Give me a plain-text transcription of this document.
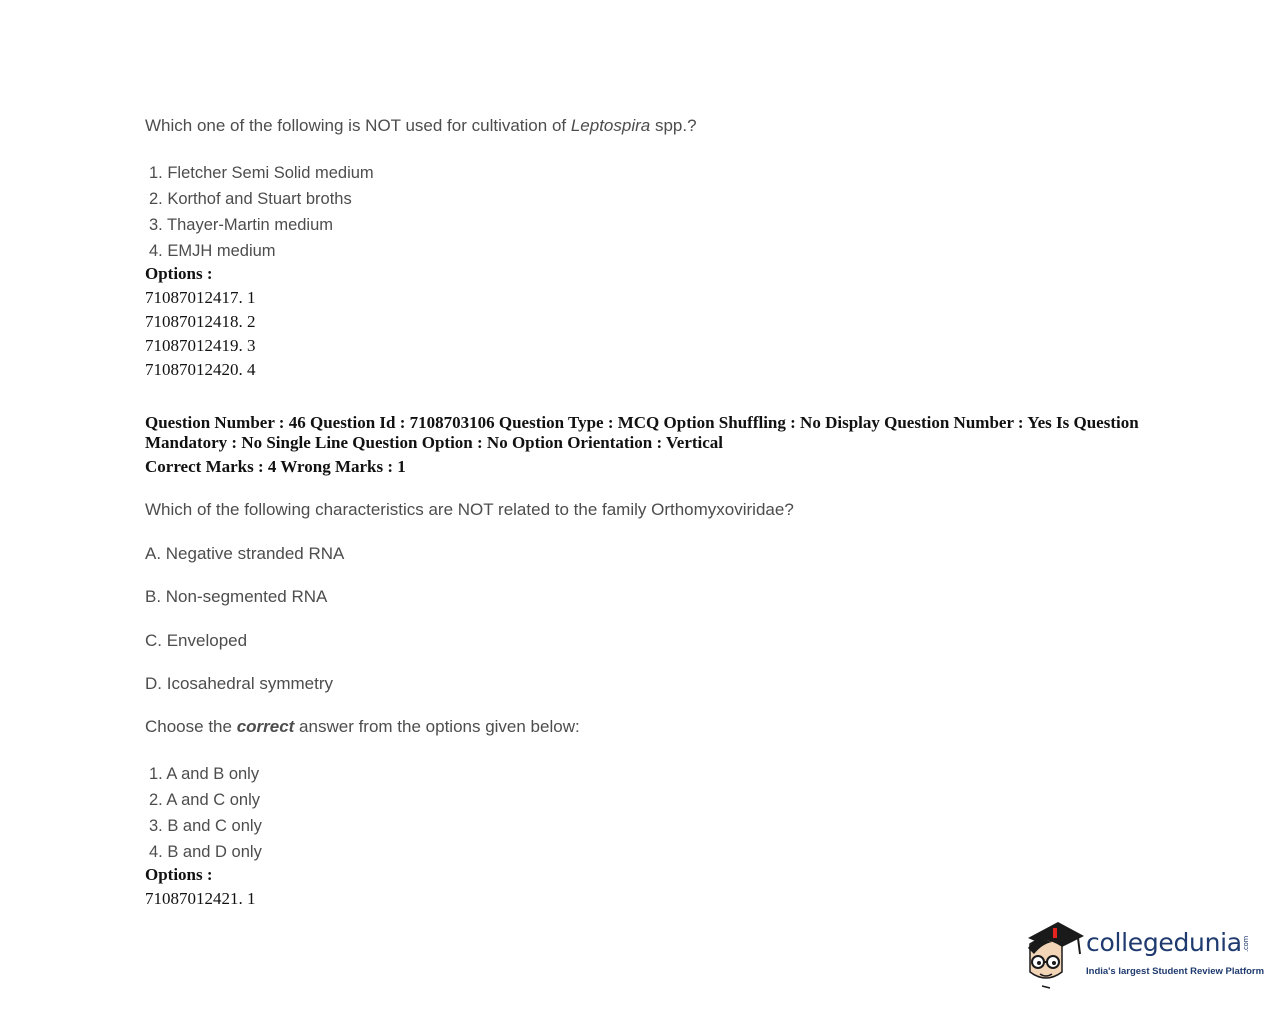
Which one of the following is NOT used for cultivation of Leptospira spp.?
1. Fletcher Semi Solid medium
2. Korthof and Stuart broths
3. Thayer-Martin medium
4. EMJH medium
Options :
71087012417. 1
71087012418. 2
71087012419. 3
71087012420. 4
Question Number : 46 Question Id : 7108703106 Question Type : MCQ Option Shuffling : No Display Question Number : Yes Is Question Mandatory : No Single Line Question Option : No Option Orientation : Vertical
Correct Marks : 4 Wrong Marks : 1
Which of the following characteristics are NOT related to the family Orthomyxoviridae?
A. Negative stranded RNA
B. Non-segmented RNA
C. Enveloped
D. Icosahedral symmetry
Choose the correct answer from the options given below:
1. A and B only
2. A and C only
3. B and C only
4. B and D only
Options :
71087012421. 1
collegedunia.com
India's largest Student Review Platform
